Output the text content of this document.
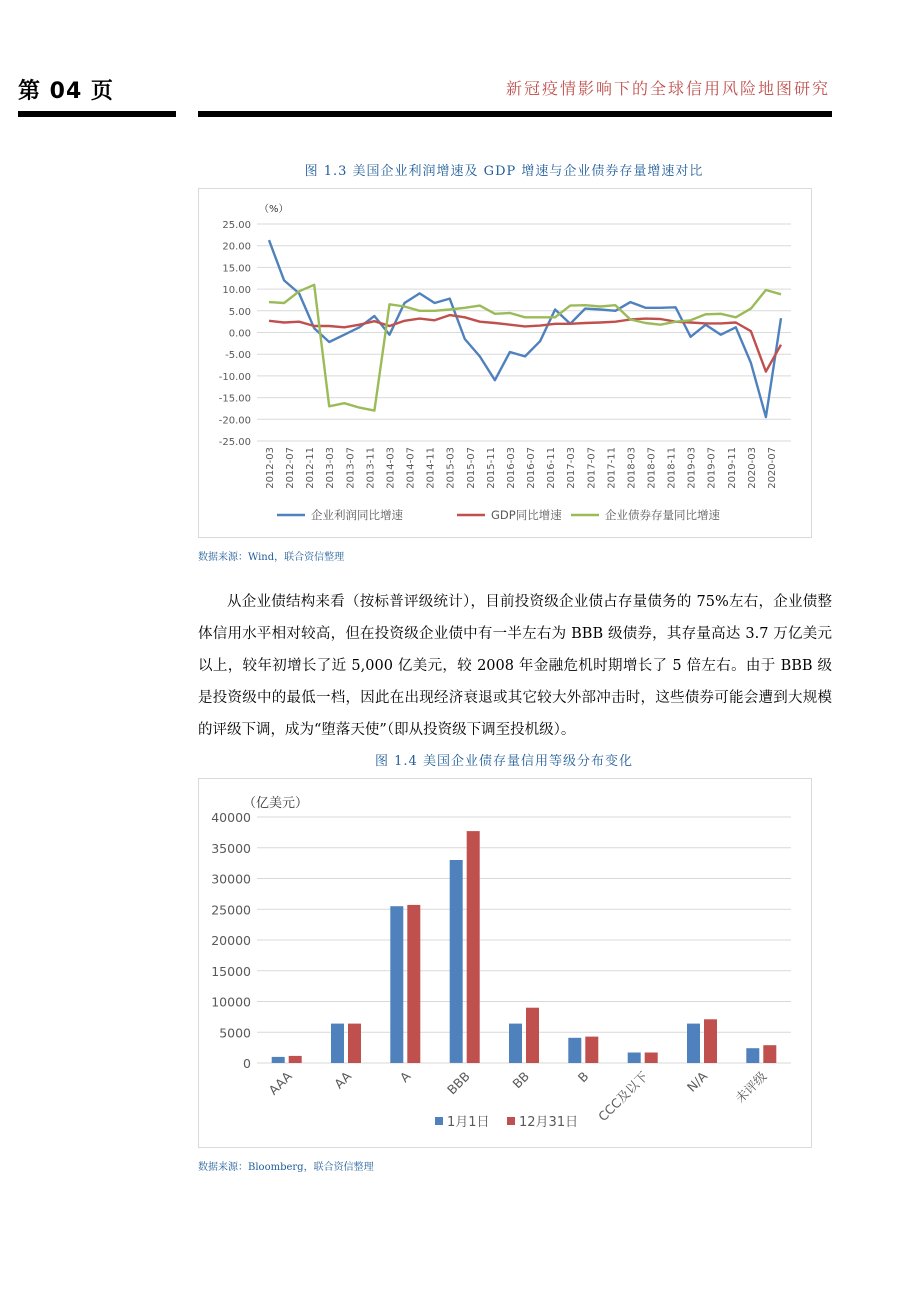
第 04 页	新冠疫情影响下的全球信用风险地图研究
图 1.3 美国企业利润增速及 GDP 增速与企业债券存量增速对比
（%）
25.00
20.00
15.00
10.00
5.00
0.00
-5.00
-10.00
-15.00
-20.00
-25.00
2012-03 2012-07 2012-11 2013-03 2013-07 2013-11 2014-03 2014-07 2014-11 2015-03 2015-07 2015-11 2016-03 2016-07 2016-11 2017-03 2017-07 2017-11 2018-03 2018-07 2018-11 2019-03 2019-07 2019-11 2020-03 2020-07
企业利润同比增速	GDP同比增速	企业债券存量同比增速
数据来源：Wind，联合资信整理
从企业债结构来看（按标普评级统计），目前投资级企业债占存量债务的 75%左右，企业债整体信用水平相对较高，但在投资级企业债中有一半左右为 BBB 级债券，其存量高达 3.7 万亿美元以上，较年初增长了近 5,000 亿美元，较 2008 年金融危机时期增长了 5 倍左右。由于 BBB 级是投资级中的最低一档，因此在出现经济衰退或其它较大外部冲击时，这些债券可能会遭到大规模的评级下调，成为“堕落天使”（即从投资级下调至投机级）。
图 1.4 美国企业债存量信用等级分布变化
（亿美元）
40000
35000
30000
25000
20000
15000
10000
5000
0
AAA	AA	A BBB	BB	B CCC及以下	N/A 未评级
1月1日 12月31日
数据来源：Bloomberg，联合资信整理
